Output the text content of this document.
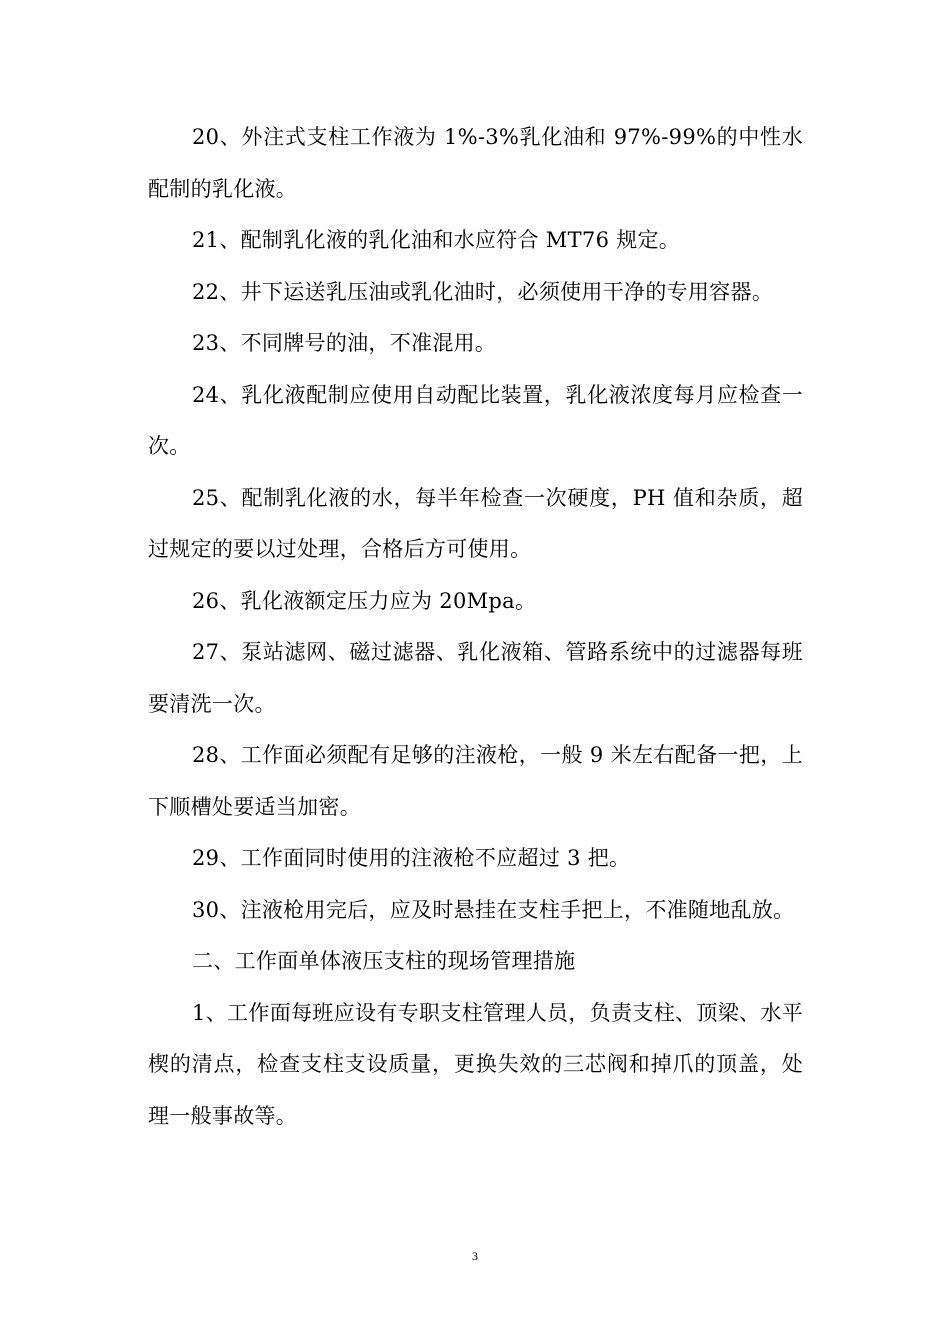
20、外注式支柱工作液为 1%-3%乳化油和 97%-99%的中性水配制的乳化液。

21、配制乳化液的乳化油和水应符合 MT76 规定。

22、井下运送乳压油或乳化油时，必须使用干净的专用容器。

23、不同牌号的油，不准混用。

24、乳化液配制应使用自动配比装置，乳化液浓度每月应检查一次。

25、配制乳化液的水，每半年检查一次硬度，PH 值和杂质，超过规定的要以过处理，合格后方可使用。

26、乳化液额定压力应为 20Mpa。

27、泵站滤网、磁过滤器、乳化液箱、管路系统中的过滤器每班要清洗一次。

28、工作面必须配有足够的注液枪，一般 9 米左右配备一把，上下顺槽处要适当加密。

29、工作面同时使用的注液枪不应超过 3 把。

30、注液枪用完后，应及时悬挂在支柱手把上，不准随地乱放。

二、工作面单体液压支柱的现场管理措施

1、工作面每班应设有专职支柱管理人员，负责支柱、顶梁、水平楔的清点，检查支柱支设质量，更换失效的三芯阀和掉爪的顶盖，处理一般事故等。

3
